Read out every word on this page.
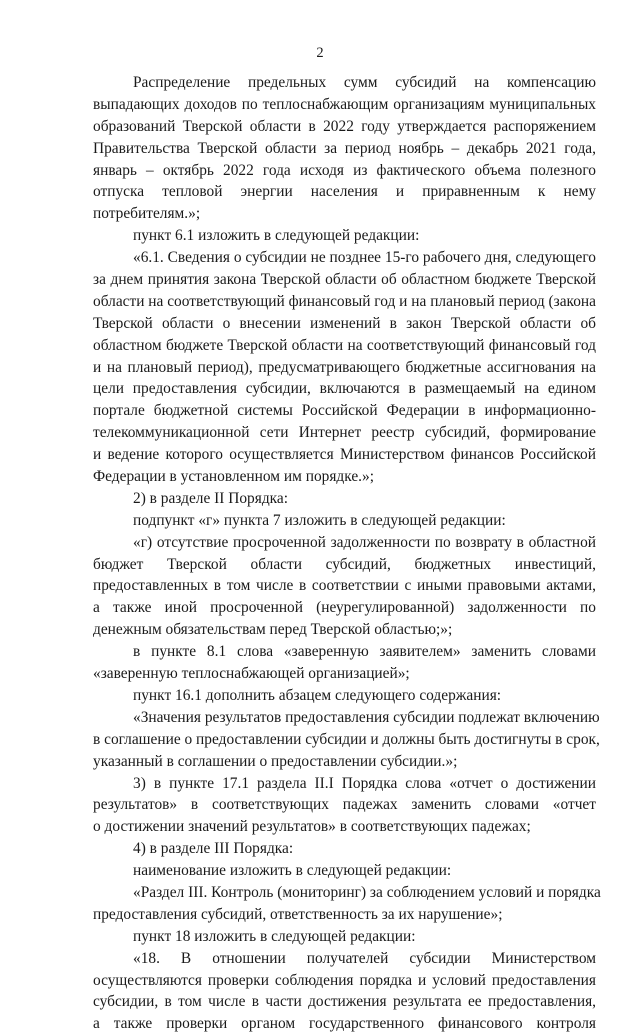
2
Распределение предельных сумм субсидий на компенсацию
выпадающих доходов по теплоснабжающим организациям муниципальных
образований Тверской области в 2022 году утверждается распоряжением
Правительства Тверской области за период ноябрь – декабрь 2021 года,
январь – октябрь 2022 года исходя из фактического объема полезного
отпуска тепловой энергии населения и приравненным к нему
потребителям.»;
пункт 6.1 изложить в следующей редакции:
«6.1. Сведения о субсидии не позднее 15-го рабочего дня, следующего
за днем принятия закона Тверской области об областном бюджете Тверской
области на соответствующий финансовый год и на плановый период (закона
Тверской области о внесении изменений в закон Тверской области об
областном бюджете Тверской области на соответствующий финансовый год
и на плановый период), предусматривающего бюджетные ассигнования на
цели предоставления субсидии, включаются в размещаемый на едином
портале бюджетной системы Российской Федерации в информационно-
телекоммуникационной сети Интернет реестр субсидий, формирование
и ведение которого осуществляется Министерством финансов Российской
Федерации в установленном им порядке.»;
2) в разделе II Порядка:
подпункт «г» пункта 7 изложить в следующей редакции:
«г) отсутствие просроченной задолженности по возврату в областной
бюджет Тверской области субсидий, бюджетных инвестиций,
предоставленных в том числе в соответствии с иными правовыми актами,
а также иной просроченной (неурегулированной) задолженности по
денежным обязательствам перед Тверской областью;»;
в пункте 8.1 слова «заверенную заявителем» заменить словами
«заверенную теплоснабжающей организацией»;
пункт 16.1 дополнить абзацем следующего содержания:
«Значения результатов предоставления субсидии подлежат включению
в соглашение о предоставлении субсидии и должны быть достигнуты в срок,
указанный в соглашении о предоставлении субсидии.»;
3) в пункте 17.1 раздела II.I Порядка слова «отчет о достижении
результатов» в соответствующих падежах заменить словами «отчет
о достижении значений результатов» в соответствующих падежах;
4) в разделе III Порядка:
наименование изложить в следующей редакции:
«Раздел III. Контроль (мониторинг) за соблюдением условий и порядка
предоставления субсидий, ответственность за их нарушение»;
пункт 18 изложить в следующей редакции:
«18. В отношении получателей субсидии Министерством
осуществляются проверки соблюдения порядка и условий предоставления
субсидии, в том числе в части достижения результата ее предоставления,
а также проверки органом государственного финансового контроля
